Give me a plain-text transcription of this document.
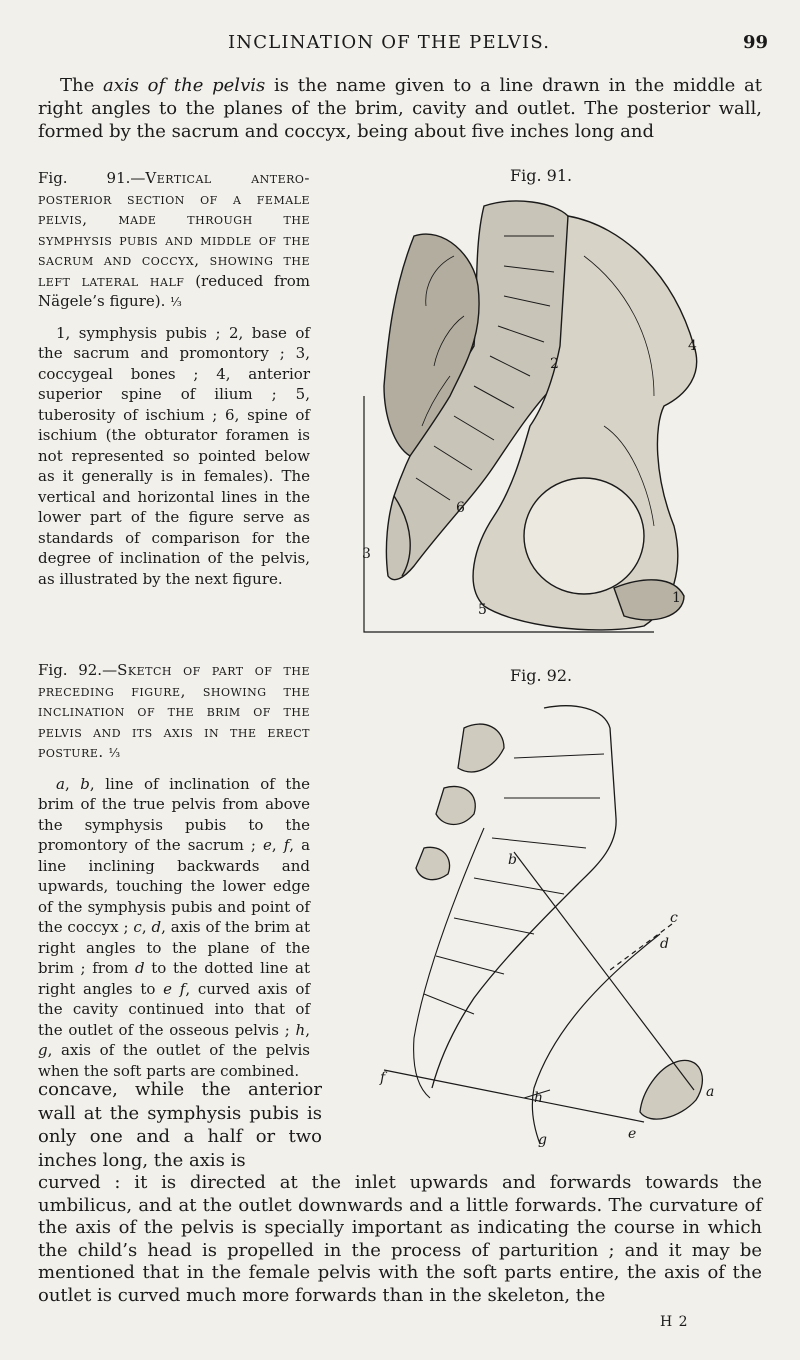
INCLINATION OF THE PELVIS.	99

The axis of the pelvis is the name given to a line drawn in the middle at right angles to the planes of the brim, cavity and outlet. The posterior wall, formed by the sacrum and coccyx, being about five inches long and

Fig. 91.—Vertical antero-posterior section of a female pelvis, made through the symphysis pubis and middle of the sacrum and coccyx, showing the left lateral half (reduced from Nägele’s figure). ⅓

1, symphysis pubis ; 2, base of the sacrum and promontory ; 3, coccygeal bones ; 4, anterior superior spine of ilium ; 5, tuberosity of ischium ; 6, spine of ischium (the obturator foramen is not represented so pointed below as it generally is in females). The vertical and horizontal lines in the lower part of the figure serve as standards of comparison for the degree of inclination of the pelvis, as illustrated by the next figure.

Fig. 91.
1
2
3
4
5
6

Fig. 92.—Sketch of part of the preceding figure, showing the inclination of the brim of the pelvis and its axis in the erect posture. ⅓

a, b, line of inclination of the brim of the true pelvis from above the symphysis pubis to the promontory of the sacrum ; e, f, a line inclining backwards and upwards, touching the lower edge of the symphysis pubis and point of the coccyx ; c, d, axis of the brim at right angles to the plane of the brim ; from d to the dotted line at right angles to e f, curved axis of the cavity continued into that of the outlet of the osseous pelvis ; h, g, axis of the outlet of the pelvis when the soft parts are combined.

Fig. 92.
a
b
c
d
e
f
g
h

concave, while the anterior wall at the symphysis pubis is only one and a half or two inches long, the axis is

curved : it is directed at the inlet upwards and forwards towards the umbilicus, and at the outlet downwards and a little forwards. The curvature of the axis of the pelvis is specially important as indicating the course in which the child’s head is propelled in the process of parturition ; and it may be mentioned that in the female pelvis with the soft parts entire, the axis of the outlet is curved much more forwards than in the skeleton, the

H 2
